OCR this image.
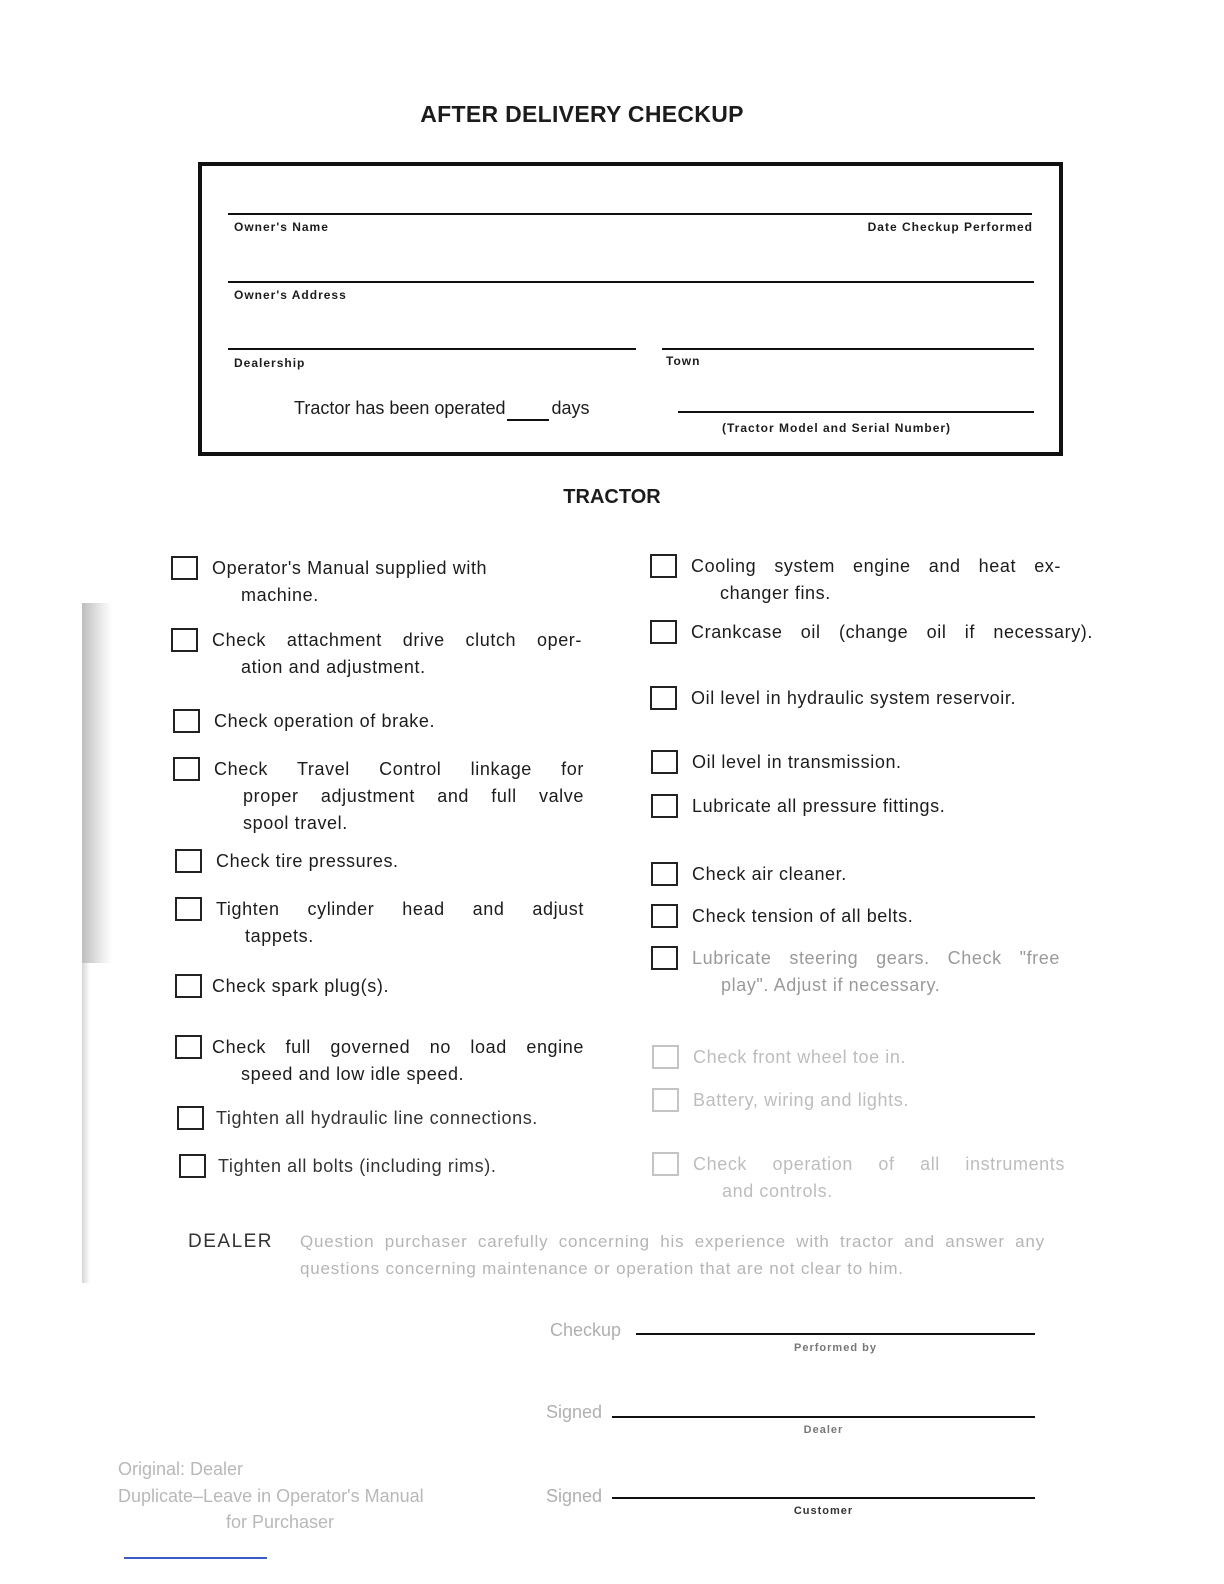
AFTER DELIVERY CHECKUP
Owner's Name	Date Checkup Performed
Owner's Address
Dealership	Town
Tractor has been operated	days
(Tractor Model and Serial Number)
TRACTOR
Operator's Manual supplied with
machine.
Check attachment drive clutch oper-
ation and adjustment.
Check operation of brake.
Check Travel Control linkage for
proper adjustment and full valve
spool travel.
Check tire pressures.
Tighten cylinder head and adjust
tappets.
Check spark plug(s).
Check full governed no load engine
speed and low idle speed.
Tighten all hydraulic line connections.
Tighten all bolts (including rims).
Cooling system engine and heat ex-
changer fins.
Crankcase oil (change oil if necessary).
Oil level in hydraulic system reservoir.
Oil level in transmission.
Lubricate all pressure fittings.
Check air cleaner.
Check tension of all belts.
Lubricate steering gears. Check "free
play". Adjust if necessary.
Check front wheel toe in.
Battery, wiring and lights.
Check operation of all instruments
and controls.
DEALER Question purchaser carefully concerning his experience with tractor and answer any questions concerning maintenance or operation that are not clear to him.
Checkup
Performed by
Signed
Dealer
Signed
Customer
Original: Dealer
Duplicate–Leave in Operator's Manual
for Purchaser
